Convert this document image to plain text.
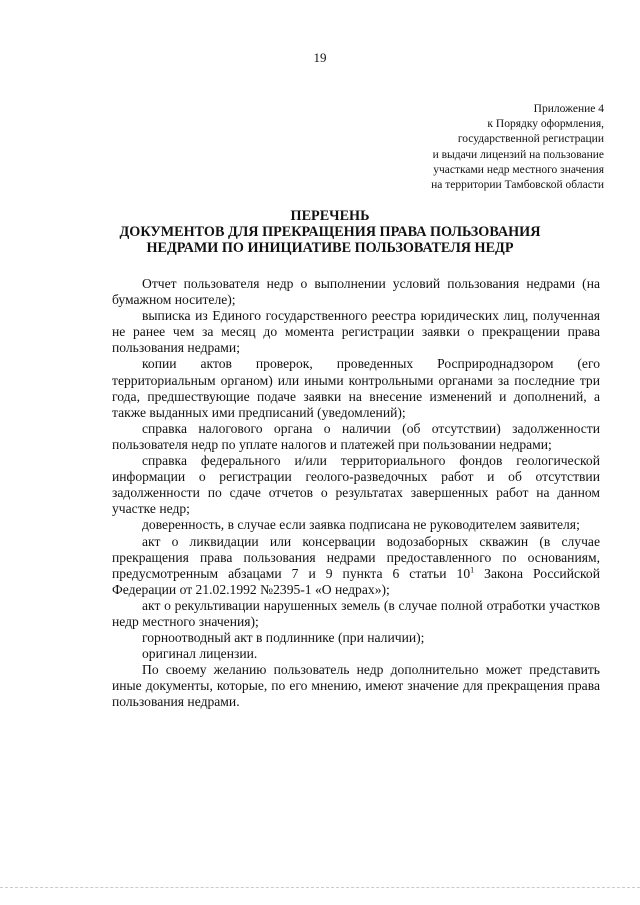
19
Приложение 4
к Порядку оформления,
государственной регистрации
и выдачи лицензий на пользование
участками недр местного значения
на территории Тамбовской области
ПЕРЕЧЕНЬ
ДОКУМЕНТОВ ДЛЯ ПРЕКРАЩЕНИЯ ПРАВА ПОЛЬЗОВАНИЯ
НЕДРАМИ ПО ИНИЦИАТИВЕ ПОЛЬЗОВАТЕЛЯ НЕДР

Отчет пользователя недр о выполнении условий пользования недрами (на бумажном носителе);

выписка из Единого государственного реестра юридических лиц, полученная не ранее чем за месяц до момента регистрации заявки о прекращении права пользования недрами;

копии актов проверок, проведенных Росприроднадзором (его территориальным органом) или иными контрольными органами за последние три года, предшествующие подаче заявки на внесение изменений и дополнений, а также выданных ими предписаний (уведомлений);

справка налогового органа о наличии (об отсутствии) задолженности пользователя недр по уплате налогов и платежей при пользовании недрами;

справка федерального и/или территориального фондов геологической информации о регистрации геолого-разведочных работ и об отсутствии задолженности по сдаче отчетов о результатах завершенных работ на данном участке недр;

доверенность, в случае если заявка подписана не руководителем заявителя;

акт о ликвидации или консервации водозаборных скважин (в случае прекращения права пользования недрами предоставленного по основаниям, предусмотренным абзацами 7 и 9 пункта 6 статьи $10^1$ Закона Российской Федерации от 21.02.1992 №2395-1 «О недрах»);

акт о рекультивации нарушенных земель (в случае полной отработки участков недр местного значения);

горноотводный акт в подлиннике (при наличии);

оригинал лицензии.

По своему желанию пользователь недр дополнительно может представить иные документы, которые, по его мнению, имеют значение для прекращения права пользования недрами.
